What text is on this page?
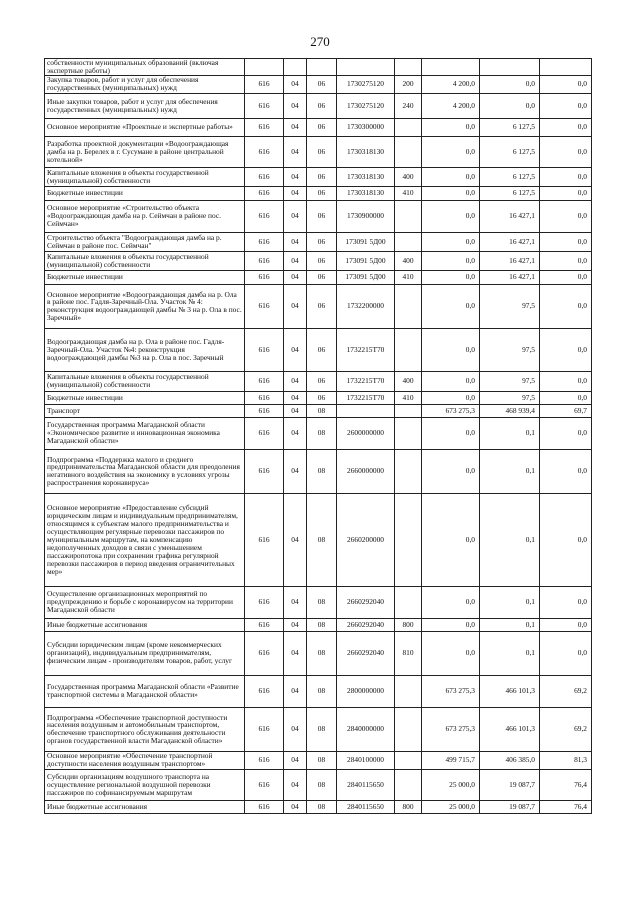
270
собственности муниципальных образований (включая экспертные работы)								
Закупка товаров, работ и услуг для обеспечения государственных (муниципальных) нужд	616	04	06	1730275120	200	4 200,0	0,0	0,0
Иные закупки товаров, работ и услуг для обеспечения государственных (муниципальных) нужд	616	04	06	1730275120	240	4 200,0	0,0	0,0
Основное мероприятие «Проектные и экспертные работы»	616	04	06	1730300000		0,0	6 127,5	0,0
Разработка проектной документации «Водоограждающая дамба на р. Берелех в г. Сусумане в районе центральной котельной»	616	04	06	1730318130		0,0	6 127,5	0,0
Капитальные вложения в объекты государственной (муниципальной) собственности	616	04	06	1730318130	400	0,0	6 127,5	0,0
Бюджетные инвестиции	616	04	06	1730318130	410	0,0	6 127,5	0,0
Основное мероприятие «Строительство объекта «Водоограждающая дамба на р. Сеймчан в районе пос. Сеймчан»	616	04	06	1730900000		0,0	16 427,1	0,0
Строительство объекта "Водоограждающая дамба на р. Сеймчан в районе пос. Сеймчан"	616	04	06	173091 5Д00		0,0	16 427,1	0,0
Капитальные вложения в объекты государственной (муниципальной) собственности	616	04	06	173091 5Д00	400	0,0	16 427,1	0,0
Бюджетные инвестиции	616	04	06	173091 5Д00	410	0,0	16 427,1	0,0
Основное мероприятие «Водоограждающая дамба на р. Ола в районе пос. Гадля-Заречный-Ола. Участок № 4: реконструкция водоограждающей дамбы № 3 на р. Ола в пос. Заречный»	616	04	06	1732200000		0,0	97,5	0,0
Водоограждающая дамба на р. Ола в районе пос. Гадля-Заречный-Ола. Участок №4: реконструкция водоограждающей дамбы №3 на р. Ола в пос. Заречный	616	04	06	1732215Т70		0,0	97,5	0,0
Капитальные вложения в объекты государственной (муниципальной) собственности	616	04	06	1732215Т70	400	0,0	97,5	0,0
Бюджетные инвестиции	616	04	06	1732215Т70	410	0,0	97,5	0,0
Транспорт	616	04	08			673 275,3	468 939,4	69,7
Государственная программа Магаданской области «Экономическое развитие и инновационная экономика Магаданской области»	616	04	08	2600000000		0,0	0,1	0,0
Подпрограмма «Поддержка малого и среднего предпринимательства Магаданской области для преодоления негативного воздействия на экономику в условиях угрозы распространения коронавируса»	616	04	08	2660000000		0,0	0,1	0,0
Основное мероприятие «Предоставление субсидий юридическим лицам и индивидуальным предпринимателям, относящимся к субъектам малого предпринимательства и осуществляющим регулярные перевозки пассажиров по муниципальным маршрутам, на компенсацию недополученных доходов в связи с уменьшением пассажиропотока при сохранении графика регулярной перевозки пассажиров в период введения ограничительных мер»	616	04	08	2660200000		0,0	0,1	0,0
Осуществление организационных мероприятий по предупреждению и борьбе с коронавирусом на территории Магаданской области	616	04	08	2660292040		0,0	0,1	0,0
Иные бюджетные ассигнования	616	04	08	2660292040	800	0,0	0,1	0,0
Субсидии юридическим лицам (кроме некоммерческих организаций), индивидуальным предпринимателям, физическим лицам - производителям товаров, работ, услуг	616	04	08	2660292040	810	0,0	0,1	0,0
Государственная программа Магаданской области «Развитие транспортной системы в Магаданской области»	616	04	08	2800000000		673 275,3	466 101,3	69,2
Подпрограмма «Обеспечение транспортной доступности населения воздушным и автомобильным транспортом, обеспечение транспортного обслуживания деятельности органов государственной власти Магаданской области»	616	04	08	2840000000		673 275,3	466 101,3	69,2
Основное мероприятие «Обеспечение транспортной доступности населения воздушным транспортом»	616	04	08	2840100000		499 715,7	406 385,0	81,3
Субсидии организациям воздушного транспорта на осуществление региональной воздушной перевозки пассажиров по софинансируемым маршрутам	616	04	08	2840115650		25 000,0	19 087,7	76,4
Иные бюджетные ассигнования	616	04	08	2840115650	800	25 000,0	19 087,7	76,4
